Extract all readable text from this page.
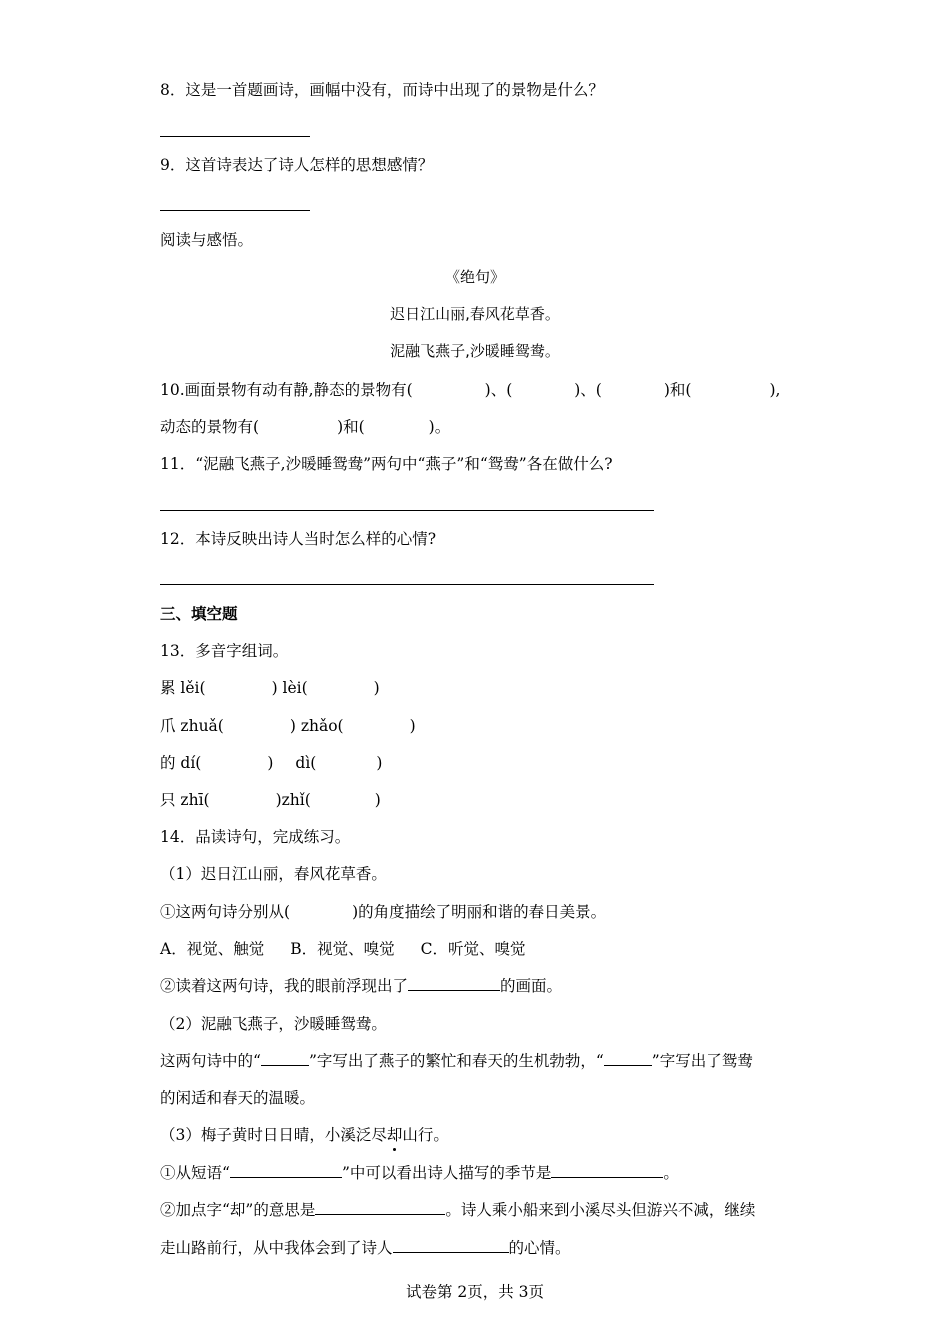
8．这是一首题画诗，画幅中没有，而诗中出现了的景物是什么？
9．这首诗表达了诗人怎样的思想感情？
阅读与感悟。
《绝句》
迟日江山丽,春风花草香。
泥融飞燕子,沙暖睡鸳鸯。
10.画面景物有动有静,静态的景物有(	)、(	)、(	)和(	),
动态的景物有(	)和(	)。
11．“泥融飞燕子,沙暖睡鸳鸯”两句中“燕子”和“鸳鸯”各在做什么?
12．本诗反映出诗人当时怎么样的心情?
三、填空题
13．多音字组词。
累 lěi(	) lèi(	)
爪 zhuǎ(	) zhǎo(	)
的 dí(	) dì(	)
只 zhī(	)zhǐ(	)
14．品读诗句，完成练习。
（1）迟日江山丽，春风花草香。
①这两句诗分别从(	)的角度描绘了明丽和谐的春日美景。
A．视觉、触觉 B．视觉、嗅觉 C．听觉、嗅觉
②读着这两句诗，我的眼前浮现出了	的画面。
（2）泥融飞燕子，沙暖睡鸳鸯。
这两句诗中的“	”字写出了燕子的繁忙和春天的生机勃勃，“	”字写出了鸳鸯
的闲适和春天的温暖。
（3）梅子黄时日日晴，小溪泛尽却山行。
①从短语“	”中可以看出诗人描写的季节是	。
②加点字“却”的意思是	。诗人乘小船来到小溪尽头但游兴不减，继续
走山路前行，从中我体会到了诗人	的心情。
试卷第 2页，共 3页
